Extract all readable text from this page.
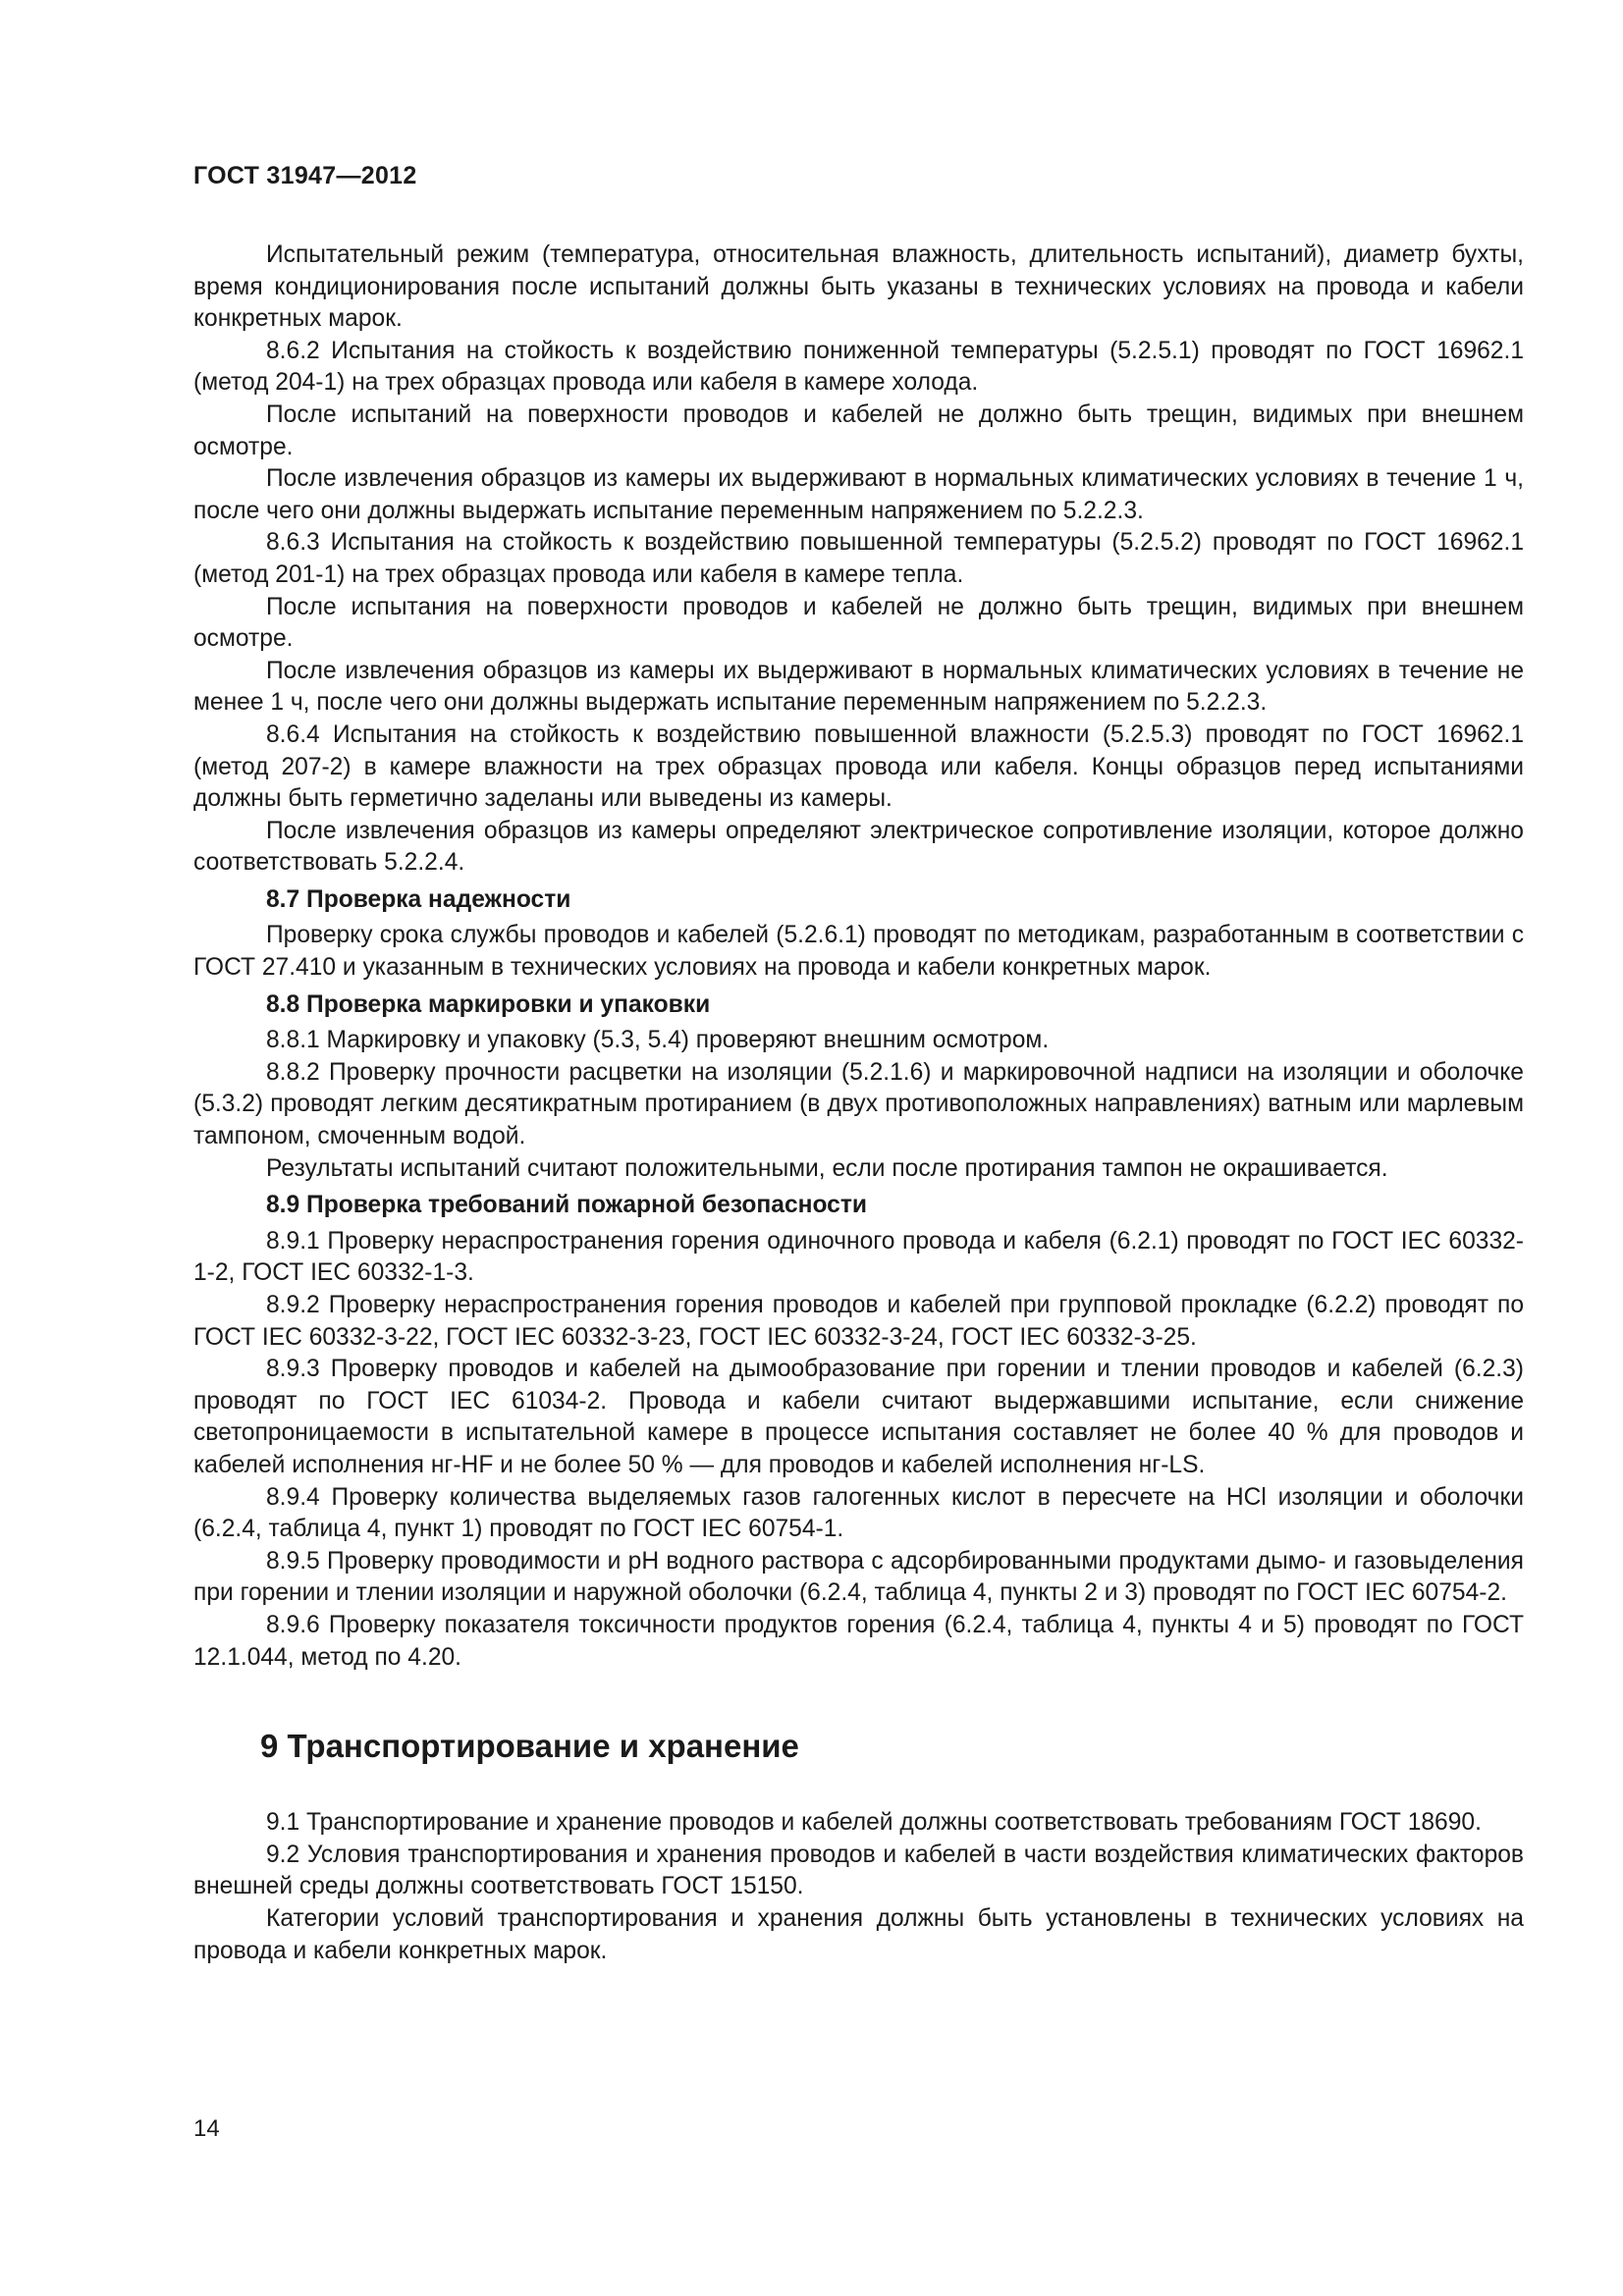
ГОСТ 31947—2012

Испытательный режим (температура, относительная влажность, длительность испытаний), диаметр бухты, время кондиционирования после испытаний должны быть указаны в технических условиях на провода и кабели конкретных марок.

8.6.2 Испытания на стойкость к воздействию пониженной температуры (5.2.5.1) проводят по ГОСТ 16962.1 (метод 204-1) на трех образцах провода или кабеля в камере холода.

После испытаний на поверхности проводов и кабелей не должно быть трещин, видимых при внешнем осмотре.

После извлечения образцов из камеры их выдерживают в нормальных климатических условиях в течение 1 ч, после чего они должны выдержать испытание переменным напряжением по 5.2.2.3.

8.6.3 Испытания на стойкость к воздействию повышенной температуры (5.2.5.2) проводят по ГОСТ 16962.1 (метод 201-1) на трех образцах провода или кабеля в камере тепла.

После испытания на поверхности проводов и кабелей не должно быть трещин, видимых при внешнем осмотре.

После извлечения образцов из камеры их выдерживают в нормальных климатических условиях в течение не менее 1 ч, после чего они должны выдержать испытание переменным напряжением по 5.2.2.3.

8.6.4 Испытания на стойкость к воздействию повышенной влажности (5.2.5.3) проводят по ГОСТ 16962.1 (метод 207-2) в камере влажности на трех образцах провода или кабеля. Концы образцов перед испытаниями должны быть герметично заделаны или выведены из камеры.

После извлечения образцов из камеры определяют электрическое сопротивление изоляции, которое должно соответствовать 5.2.2.4.

8.7 Проверка надежности

Проверку срока службы проводов и кабелей (5.2.6.1) проводят по методикам, разработанным в соответствии с ГОСТ 27.410 и указанным в технических условиях на провода и кабели конкретных марок.

8.8 Проверка маркировки и упаковки

8.8.1 Маркировку и упаковку (5.3, 5.4) проверяют внешним осмотром.

8.8.2 Проверку прочности расцветки на изоляции (5.2.1.6) и маркировочной надписи на изоляции и оболочке (5.3.2) проводят легким десятикратным протиранием (в двух противоположных направлениях) ватным или марлевым тампоном, смоченным водой.

Результаты испытаний считают положительными, если после протирания тампон не окрашивается.

8.9 Проверка требований пожарной безопасности

8.9.1 Проверку нераспространения горения одиночного провода и кабеля (6.2.1) проводят по ГОСТ IEC 60332-1-2, ГОСТ IEC 60332-1-3.

8.9.2 Проверку нераспространения горения проводов и кабелей при групповой прокладке (6.2.2) проводят по ГОСТ IEC 60332-3-22, ГОСТ IEC 60332-3-23, ГОСТ IEC 60332-3-24, ГОСТ IEC 60332-3-25.

8.9.3 Проверку проводов и кабелей на дымообразование при горении и тлении проводов и кабелей (6.2.3) проводят по ГОСТ IEC 61034-2. Провода и кабели считают выдержавшими испытание, если снижение светопроницаемости в испытательной камере в процессе испытания составляет не более 40 % для проводов и кабелей исполнения нг-HF и не более 50 % — для проводов и кабелей исполнения нг-LS.

8.9.4 Проверку количества выделяемых газов галогенных кислот в пересчете на HCl изоляции и оболочки (6.2.4, таблица 4, пункт 1) проводят по ГОСТ IEC 60754-1.

8.9.5 Проверку проводимости и pH водного раствора с адсорбированными продуктами дымо- и газовыделения при горении и тлении изоляции и наружной оболочки (6.2.4, таблица 4, пункты 2 и 3) проводят по ГОСТ IEC 60754-2.

8.9.6 Проверку показателя токсичности продуктов горения (6.2.4, таблица 4, пункты 4 и 5) проводят по ГОСТ 12.1.044, метод по 4.20.

9 Транспортирование и хранение

9.1 Транспортирование и хранение проводов и кабелей должны соответствовать требованиям ГОСТ 18690.

9.2 Условия транспортирования и хранения проводов и кабелей в части воздействия климатических факторов внешней среды должны соответствовать ГОСТ 15150.

Категории условий транспортирования и хранения должны быть установлены в технических условиях на провода и кабели конкретных марок.

14
